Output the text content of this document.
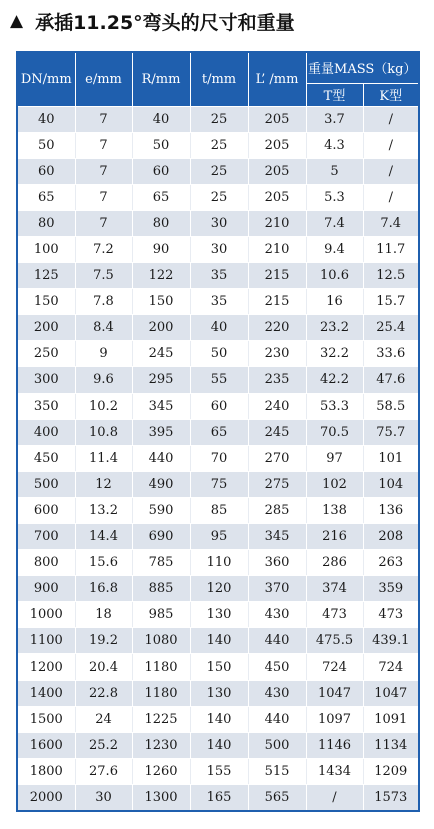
▲ 承插11.25°弯头的尺寸和重量
DN/mm	e/mm	R/mm	t/mm	L’ /mm	重量MASS（kg）	
					T型	K型
40	7	40	25	205	3.7	/
50	7	50	25	205	4.3	/
60	7	60	25	205	5	/
65	7	65	25	205	5.3	/
80	7	80	30	210	7.4	7.4
100	7.2	90	30	210	9.4	11.7
125	7.5	122	35	215	10.6	12.5
150	7.8	150	35	215	16	15.7
200	8.4	200	40	220	23.2	25.4
250	9	245	50	230	32.2	33.6
300	9.6	295	55	235	42.2	47.6
350	10.2	345	60	240	53.3	58.5
400	10.8	395	65	245	70.5	75.7
450	11.4	440	70	270	97	101
500	12	490	75	275	102	104
600	13.2	590	85	285	138	136
700	14.4	690	95	345	216	208
800	15.6	785	110	360	286	263
900	16.8	885	120	370	374	359
1000	18	985	130	430	473	473
1100	19.2	1080	140	440	475.5	439.1
1200	20.4	1180	150	450	724	724
1400	22.8	1180	130	430	1047	1047
1500	24	1225	140	440	1097	1091
1600	25.2	1230	140	500	1146	1134
1800	27.6	1260	155	515	1434	1209
2000	30	1300	165	565	/	1573
